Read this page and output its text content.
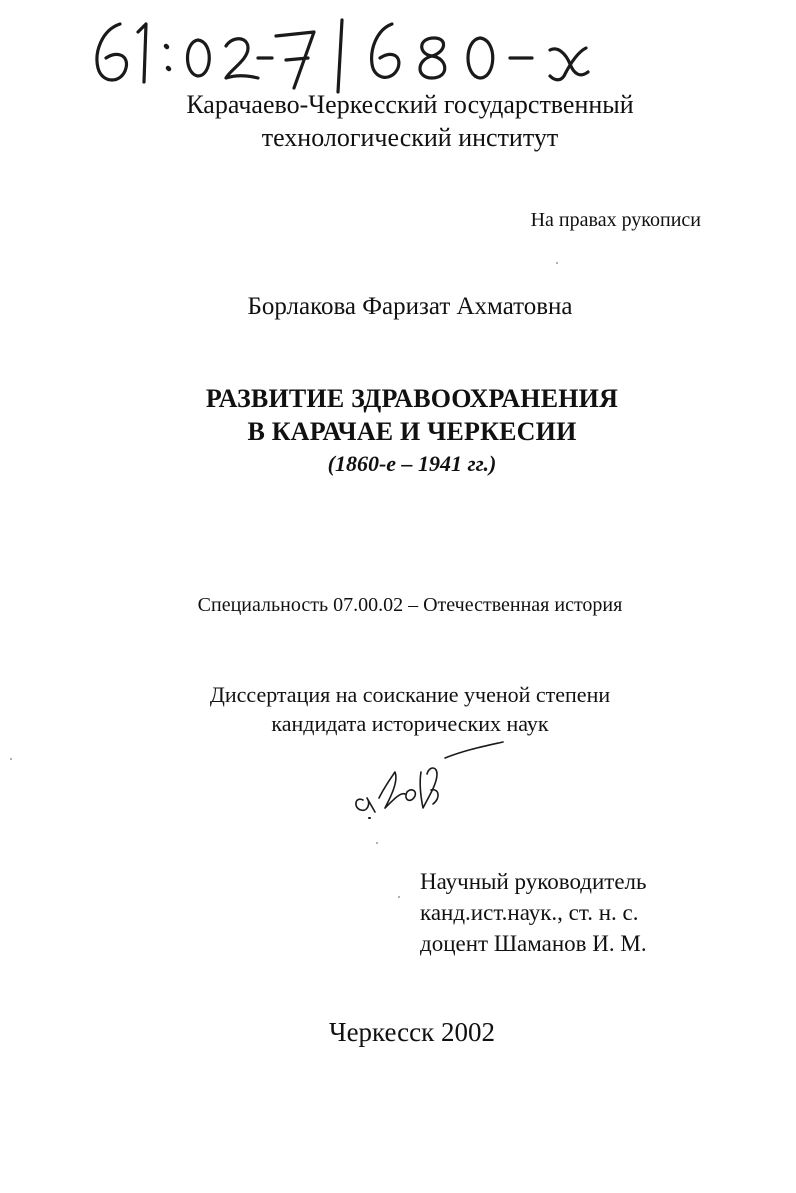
Карачаево-Черкесский государственный
технологический институт
На правах рукописи
Борлакова Фаризат Ахматовна
РАЗВИТИЕ ЗДРАВООХРАНЕНИЯ
В КАРАЧАЕ И ЧЕРКЕСИИ
(1860-е – 1941 гг.)
Специальность 07.00.02 – Отечественная история
Диссертация на соискание ученой степени
кандидата исторических наук
Научный руководитель
канд.ист.наук., ст. н. с.
доцент Шаманов И. М.
Черкесск 2002
